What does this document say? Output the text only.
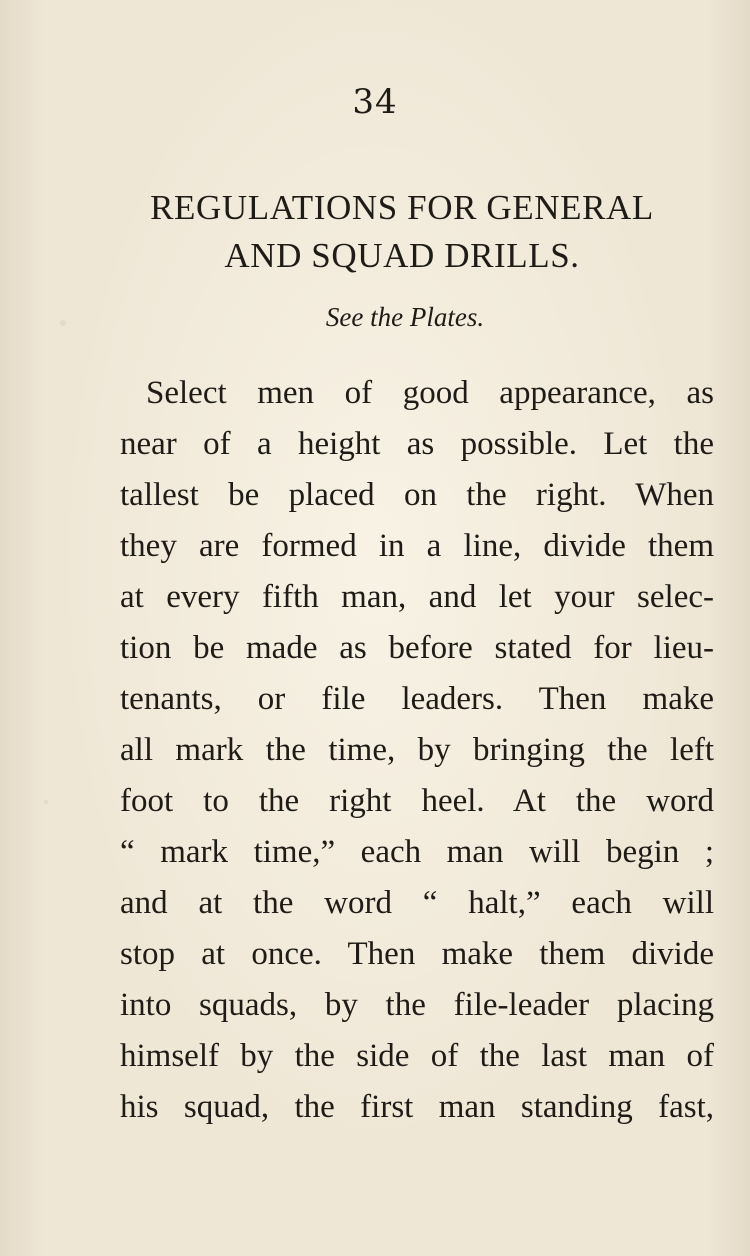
34
REGULATIONS FOR GENERAL
AND SQUAD DRILLS.
See the Plates.
Select men of good appearance, as
near of a height as possible. Let the
tallest be placed on the right. When
they are formed in a line, divide them
at every fifth man, and let your selec-
tion be made as before stated for lieu-
tenants, or file leaders. Then make
all mark the time, by bringing the left
foot to the right heel. At the word
“ mark time,” each man will begin ;
and at the word “ halt,” each will
stop at once. Then make them divide
into squads, by the file-leader placing
himself by the side of the last man of
his squad, the first man standing fast,
